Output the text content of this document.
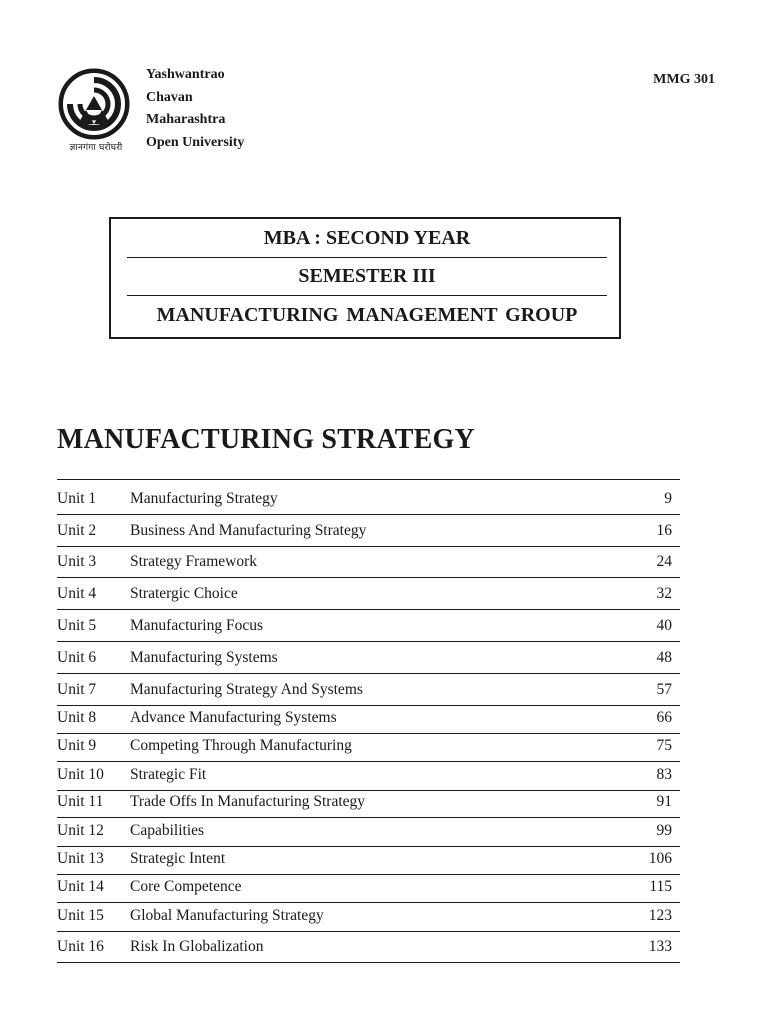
ज्ञानगंगा घरोघरी
Yashwantrao
Chavan
Maharashtra
Open University
MMG 301
MBA : SECOND YEAR
SEMESTER III
MANUFACTURING MANAGEMENT GROUP
MANUFACTURING STRATEGY
Unit 1 Manufacturing Strategy	9
Unit 2 Business And Manufacturing Strategy	16
Unit 3 Strategy Framework	24
Unit 4 Stratergic Choice	32
Unit 5 Manufacturing Focus	40
Unit 6 Manufacturing Systems	48
Unit 7 Manufacturing Strategy And Systems	57
Unit 8 Advance Manufacturing Systems	66
Unit 9 Competing Through Manufacturing	75
Unit 10 Strategic Fit	83
Unit 11 Trade Offs In Manufacturing Strategy	91
Unit 12 Capabilities	99
Unit 13 Strategic Intent	106
Unit 14 Core Competence	115
Unit 15 Global Manufacturing Strategy	123
Unit 16 Risk In Globalization	133
